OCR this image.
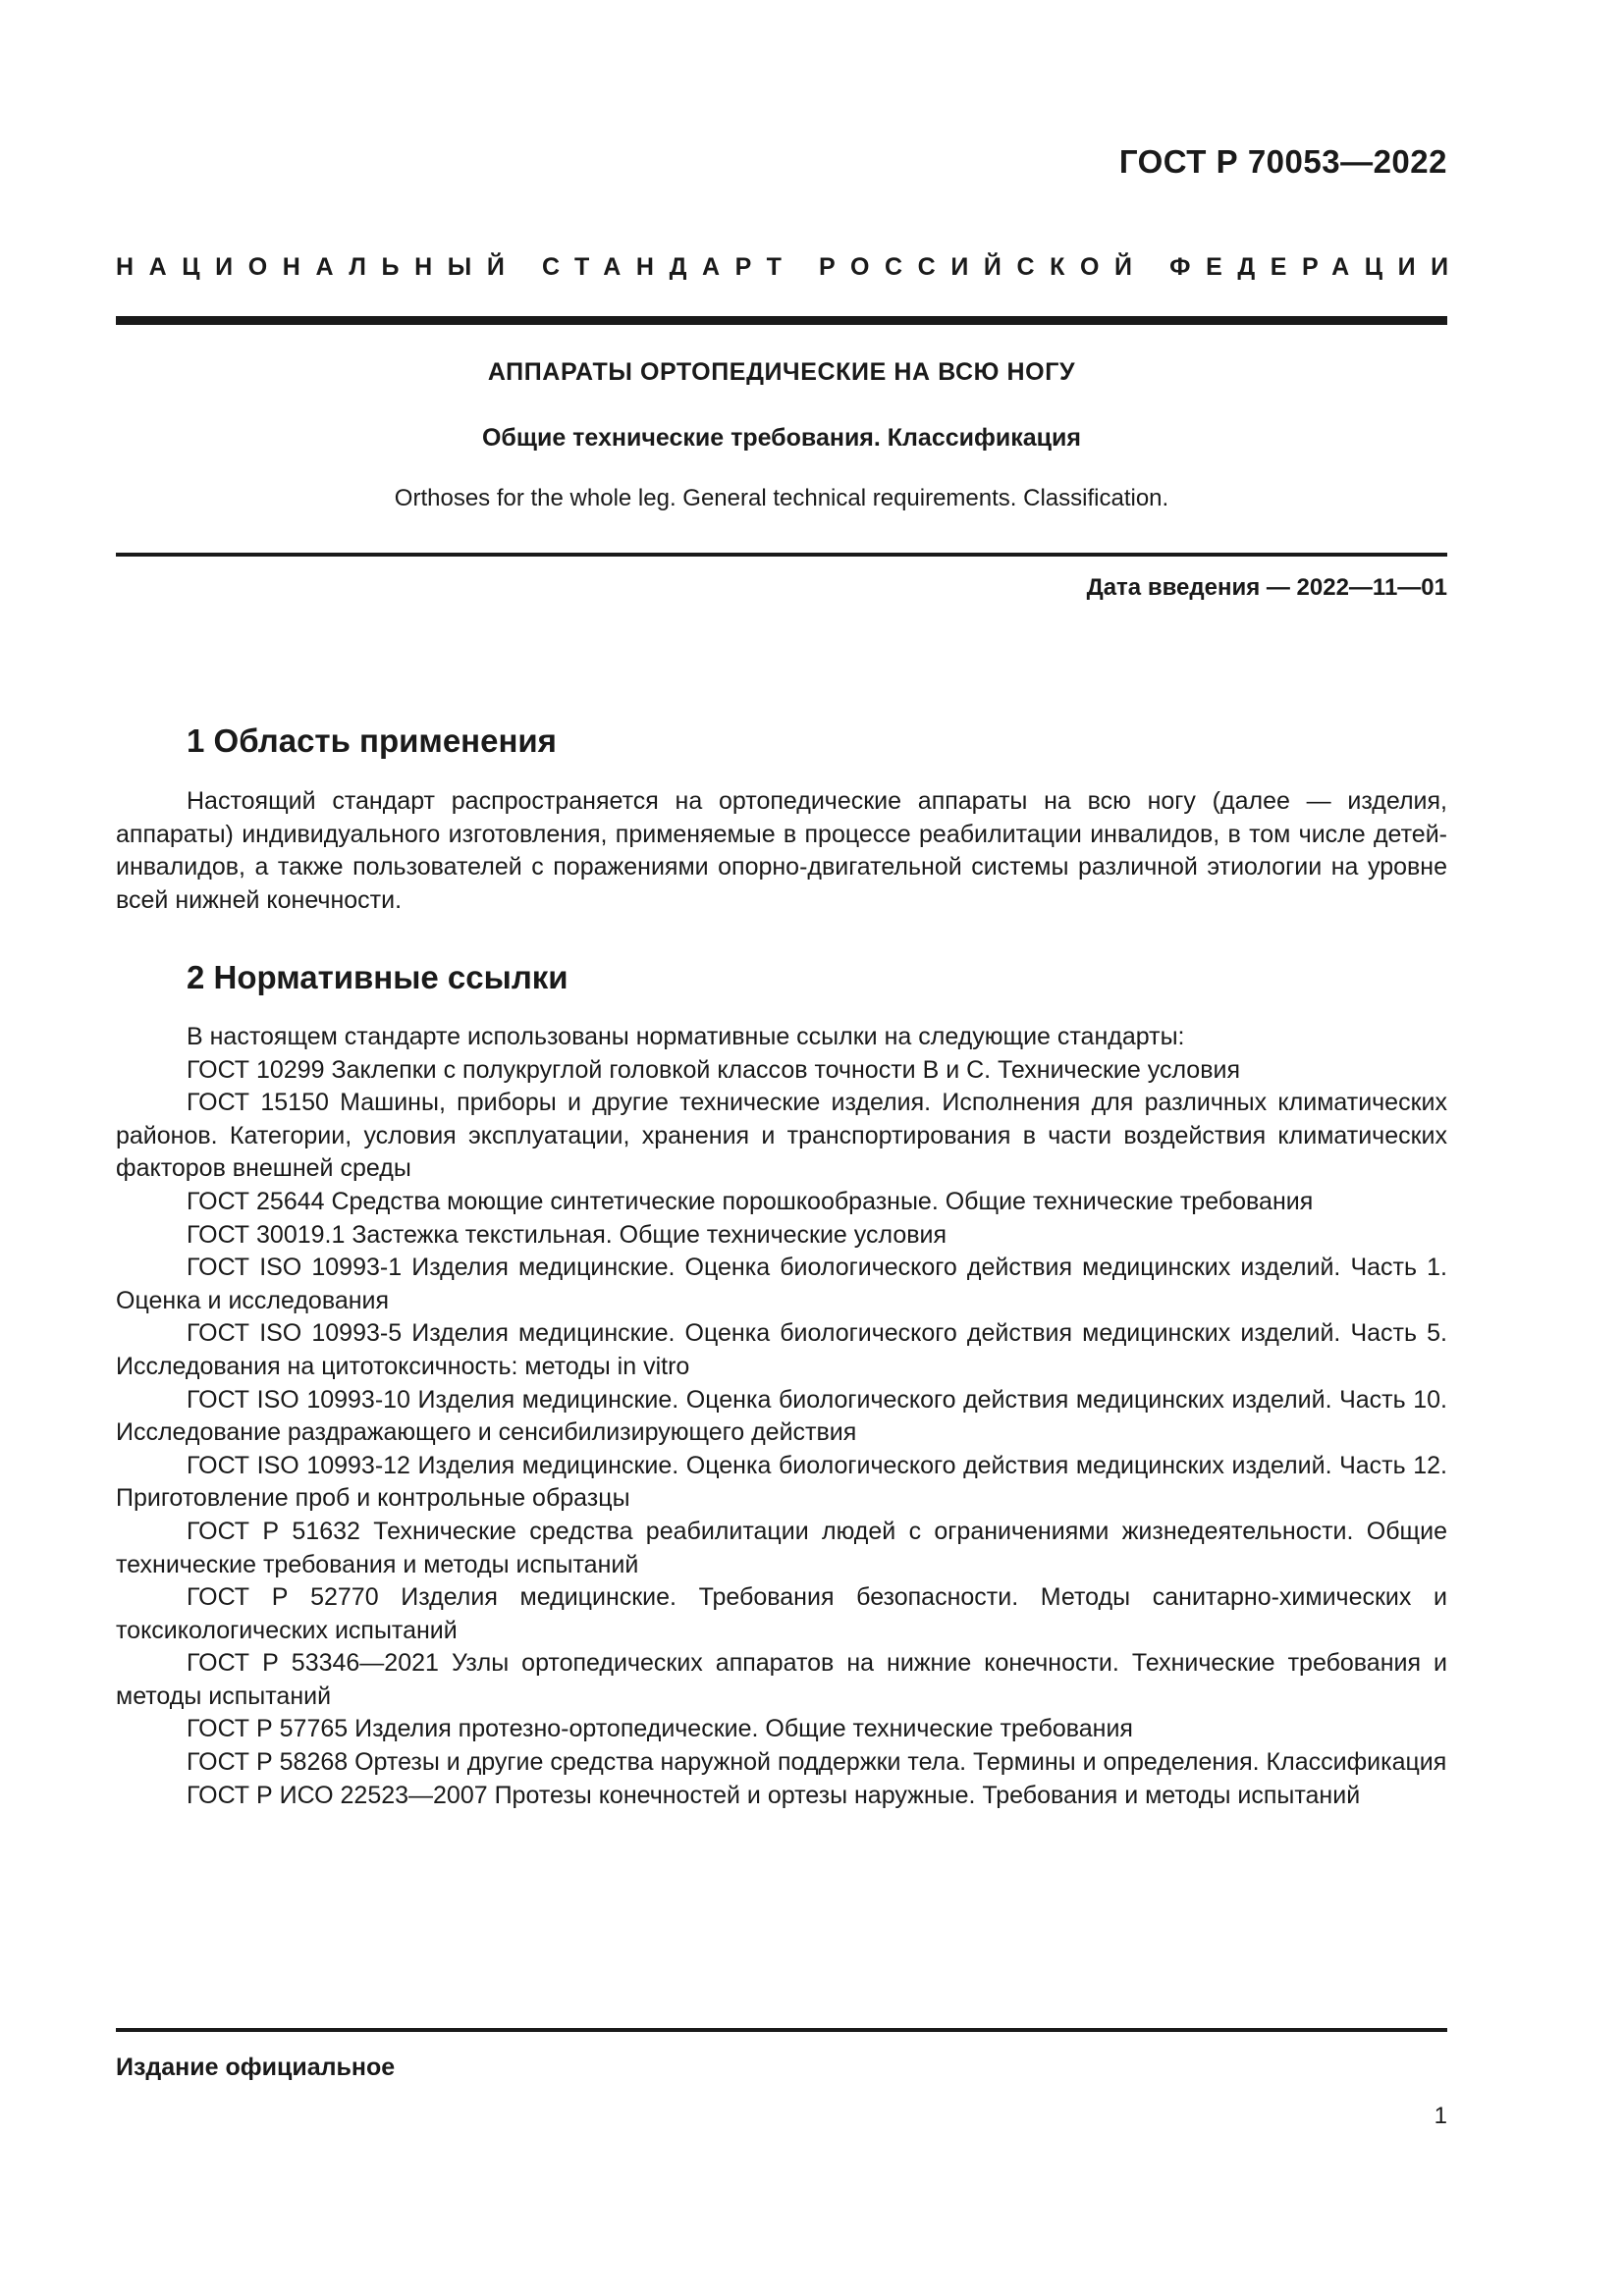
ГОСТ Р 70053—2022
НАЦИОНАЛЬНЫЙ СТАНДАРТ РОССИЙСКОЙ ФЕДЕРАЦИИ
АППАРАТЫ ОРТОПЕДИЧЕСКИЕ НА ВСЮ НОГУ
Общие технические требования. Классификация
Orthoses for the whole leg. General technical requirements. Classification.
Дата введения — 2022—11—01
1 Область применения

Настоящий стандарт распространяется на ортопедические аппараты на всю ногу (далее — изделия, аппараты) индивидуального изготовления, применяемые в процессе реабилитации инвалидов, в том числе детей-инвалидов, а также пользователей с поражениями опорно-двигательной системы различной этиологии на уровне всей нижней конечности.

2 Нормативные ссылки

В настоящем стандарте использованы нормативные ссылки на следующие стандарты:

ГОСТ 10299 Заклепки с полукруглой головкой классов точности В и С. Технические условия

ГОСТ 15150 Машины, приборы и другие технические изделия. Исполнения для различных климатических районов. Категории, условия эксплуатации, хранения и транспортирования в части воздействия климатических факторов внешней среды

ГОСТ 25644 Средства моющие синтетические порошкообразные. Общие технические требования

ГОСТ 30019.1 Застежка текстильная. Общие технические условия

ГОСТ ISO 10993-1 Изделия медицинские. Оценка биологического действия медицинских изделий. Часть 1. Оценка и исследования

ГОСТ ISO 10993-5 Изделия медицинские. Оценка биологического действия медицинских изделий. Часть 5. Исследования на цитотоксичность: методы in vitro

ГОСТ ISO 10993-10 Изделия медицинские. Оценка биологического действия медицинских изделий. Часть 10. Исследование раздражающего и сенсибилизирующего действия

ГОСТ ISO 10993-12 Изделия медицинские. Оценка биологического действия медицинских изделий. Часть 12. Приготовление проб и контрольные образцы

ГОСТ Р 51632 Технические средства реабилитации людей с ограничениями жизнедеятельности. Общие технические требования и методы испытаний

ГОСТ Р 52770 Изделия медицинские. Требования безопасности. Методы санитарно-химических и токсикологических испытаний

ГОСТ Р 53346—2021 Узлы ортопедических аппаратов на нижние конечности. Технические требования и методы испытаний

ГОСТ Р 57765 Изделия протезно-ортопедические. Общие технические требования

ГОСТ Р 58268 Ортезы и другие средства наружной поддержки тела. Термины и определения. Классификация

ГОСТ Р ИСО 22523—2007 Протезы конечностей и ортезы наружные. Требования и методы испытаний

Издание официальное
1
